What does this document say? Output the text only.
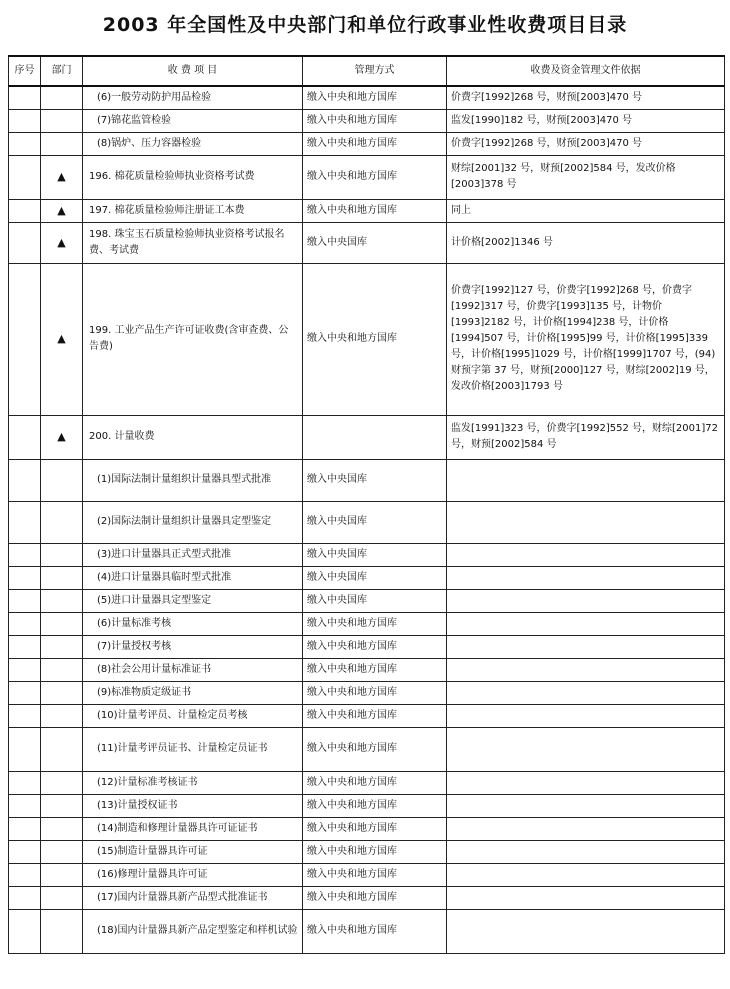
2003 年全国性及中央部门和单位行政事业性收费项目目录
序号	部门	收 费 项 目	管理方式	收费及资金管理文件依据
		(6)一般劳动防护用品检验	缴入中央和地方国库	价费字[1992]268 号，财预[2003]470 号
		(7)锦花监管检验	缴入中央和地方国库	监发[1990]182 号，财预[2003]470 号
		(8)锅炉、压力容器检验	缴入中央和地方国库	价费字[1992]268 号，财预[2003]470 号
	▲	196. 棉花质量检验师执业资格考试费	缴入中央和地方国库	财综[2001]32 号，财预[2002]584 号，发改价格[2003]378 号
	▲	197. 棉花质量检验师注册证工本费	缴入中央和地方国库	同上
	▲	198. 珠宝玉石质量检验师执业资格考试报名费、考试费	缴入中央国库	计价格[2002]1346 号
	▲	199. 工业产品生产许可证收费(含审查费、公告费)	缴入中央和地方国库	价费字[1992]127 号，价费字[1992]268 号，价费字[1992]317 号，价费字[1993]135 号，计物价[1993]2182 号，计价格[1994]238 号，计价格[1994]507 号，计价格[1995]99 号，计价格[1995]339 号，计价格[1995]1029 号，计价格[1999]1707 号，(94)财预字第 37 号，财预[2000]127 号，财综[2002]19 号，发改价格[2003]1793 号
	▲	200. 计量收费		监发[1991]323 号，价费字[1992]552 号，财综[2001]72 号，财预[2002]584 号
		(1)国际法制计量组织计量器具型式批准	缴入中央国库	
		(2)国际法制计量组织计量器具定型鉴定	缴入中央国库	
		(3)进口计量器具正式型式批准	缴入中央国库	
		(4)进口计量器具临时型式批准	缴入中央国库	
		(5)进口计量器具定型鉴定	缴入中央国库	
		(6)计量标准考核	缴入中央和地方国库	
		(7)计量授权考核	缴入中央和地方国库	
		(8)社会公用计量标准证书	缴入中央和地方国库	
		(9)标准物质定级证书	缴入中央和地方国库	
		(10)计量考评员、计量检定员考核	缴入中央和地方国库	
		(11)计量考评员证书、计量检定员证书	缴入中央和地方国库	
		(12)计量标准考核证书	缴入中央和地方国库	
		(13)计量授权证书	缴入中央和地方国库	
		(14)制造和修理计量器具许可证证书	缴入中央和地方国库	
		(15)制造计量器具许可证	缴入中央和地方国库	
		(16)修理计量器具许可证	缴入中央和地方国库	
		(17)国内计量器具新产品型式批准证书	缴入中央和地方国库	
		(18)国内计量器具新产品定型鉴定和样机试验	缴入中央和地方国库	
